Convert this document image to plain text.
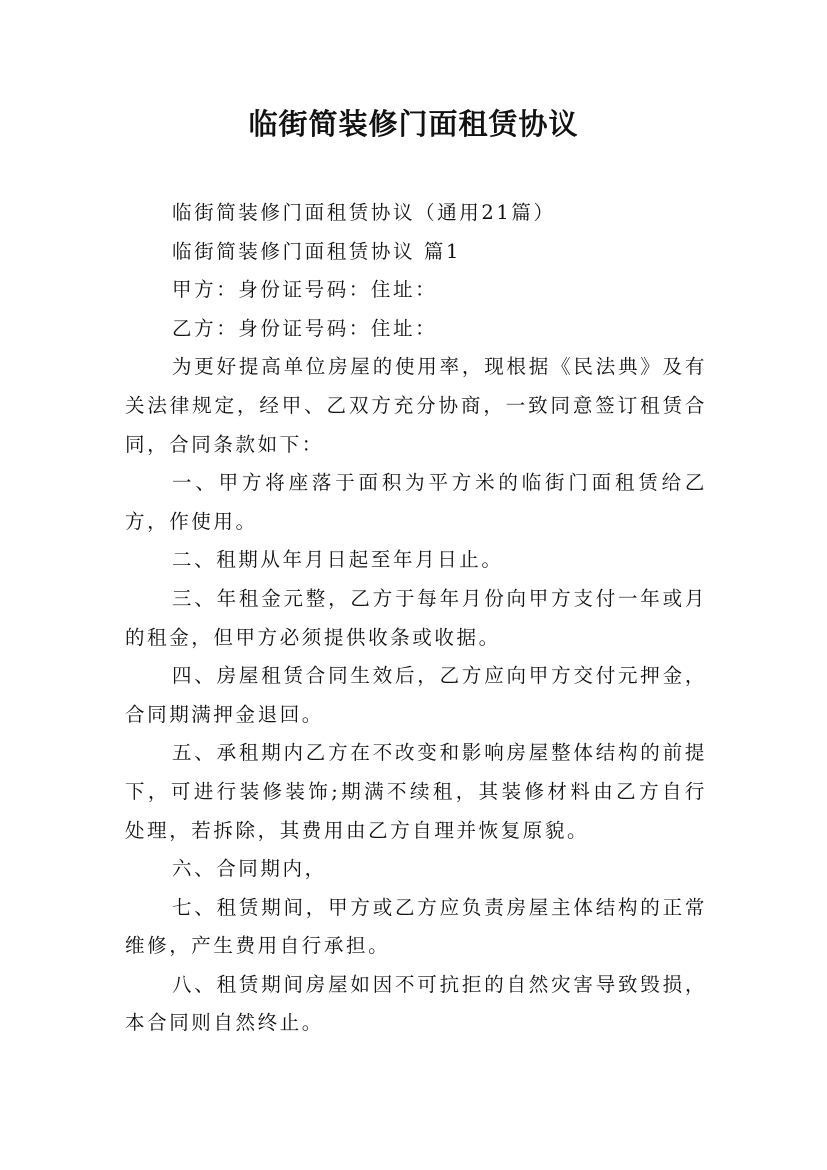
临街简装修门面租赁协议

临街简装修门面租赁协议（通用21篇）

临街简装修门面租赁协议 篇1

甲方：身份证号码：住址：

乙方：身份证号码：住址：

为更好提高单位房屋的使用率，现根据《民法典》及有关法律规定，经甲、乙双方充分协商，一致同意签订租赁合同，合同条款如下：

一、甲方将座落于面积为平方米的临街门面租赁给乙方，作使用。

二、租期从年月日起至年月日止。

三、年租金元整，乙方于每年月份向甲方支付一年或月的租金，但甲方必须提供收条或收据。

四、房屋租赁合同生效后，乙方应向甲方交付元押金，合同期满押金退回。

五、承租期内乙方在不改变和影响房屋整体结构的前提下，可进行装修装饰;期满不续租，其装修材料由乙方自行处理，若拆除，其费用由乙方自理并恢复原貌。

六、合同期内，

七、租赁期间，甲方或乙方应负责房屋主体结构的正常维修，产生费用自行承担。

八、租赁期间房屋如因不可抗拒的自然灾害导致毁损，本合同则自然终止。
